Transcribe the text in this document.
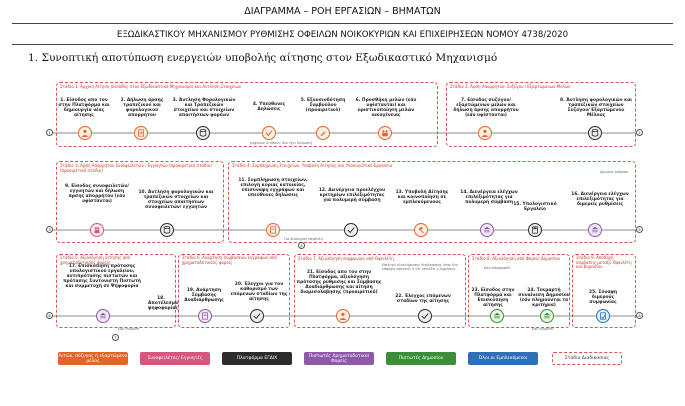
ΔΙΑΓΡΑΜΜΑ – ΡΟΗ ΕΡΓΑΣΙΩΝ – ΒΗΜΑΤΩΝ
ΕΞΩΔΙΚΑΣΤΙΚΟΥ ΜΗΧΑΝΙΣΜΟΥ ΡΥΘΜΙΣΗΣ ΟΦΕΙΛΩΝ ΝΟΙΚΟΚΥΡΙΩΝ ΚΑΙ ΕΠΙΧΕΙΡΗΣΕΩΝ ΝΟΜΟΥ 4738/2020
1. Συνοπτική αποτύπωση ενεργειών υποβολής αίτησης στον Εξωδικαστικό Μηχανισμό
Στάδιο 1. Αρχική Αίτηση (Είσοδος στον Εξωδικαστικό Μηχανισμό) και Αντληση Στοιχείων	Στάδιο 2. Άρση Απορρήτου- Συζύγου / Εξαρτώμενων Μελών
Στάδιο 3. Άρση Απορρήτου Συνοφειλετών / Εγγυητών (προαιρετικό στάδιο)
(προαιρετικό στάδιο)
Στάδιο 4. Συμπλήρωση Στοιχείων, Υποβολή Αίτησης και Υπολογιστικό Εργαλείο
Στάδιο 5. Αξιολόγηση αίτησης από χρηματοδοτικούς φορείς
Στάδιο 6. Ανάρτηση συμβάσεων εγγράφων από χρηματοδοτικούς φορείς
Στάδιο 7. Αξιολόγηση συμφωνίας από Οφειλέτη	Στάδιο 8. Αξιολόγηση από Φορείς Δημοσίου	Στάδιο 9. Αποδοχή σύμβασης μεταξύ Οφειλέτη και Δημοσίου
1. Είσοδος απο τον στην Πλατφόρμα και δημιουργία νέας αίτησης
2. Δήλωση άρσης τραπεζικού και φορολογικού απορρήτου
3. Άντληση Φορολογικών και Τραπεζικών στοιχείων και στοιχείων απαιτήσεων φορέων
4. Υπεύθυνες Δηλώσεις
(ισχύουν οι όποιες δεν έχει δηλώσει)
5. Εξουσιοδότηση Συμβούλου (προαιρετικό)
6. Προσθήκη μελών (εάν υφίστανται) και οριστικοποίηση μελών οικογένειας
7. Είσοδος συζύγου/ εξαρτώμενων μελών και δήλωση άρσης απορρήτου (εάν υφίστανται)
8. Άντληση φορολογικών και τραπεζικών στοιχείων Συζύγου/ Εξαρτώμενου Μέλους
9. Είσοδος συνοφειλετών/ εγγυητών και δήλωση άρσης απορρήτου (εάν υφίστανται)
10. Άντληση φορολογικών και τραπεζικών στοιχείων και στοιχείων απαιτήσεων συνοφειλετών/ εγγυητών
11. Συμπλήρωση στοιχείων, επιλογή κύριας κατοικίας, επισύναψη εγγράφων και υπεύθυνες δηλώσεις
Για διαδοχική υποβολή
12. Διενέργεια προελέγχου κριτηρίων επιλεξιμότητας για πολυμερή σύμβαση
13. Υποβολή Αίτησης και κοινοποίηση σε εμπλεκόμενους
14. Διενέργεια ελέγχων επιλεξιμότητας για πολυμερή σύμβαση 15. Υπολογιστικό Εργαλείο
16. Διενέργεια ελέγχων επιλεξιμότητας για διμερείς ρυθμίσεις
διμερής ρύθμιση
17. Επισκόπηση πρότασης υπολογιστικού εργαλείου, αντιπρότασης πιστωτών και πρότασης Συντονιστή Πιστωτή και συμμετοχή σε Ψηφοφορία
18. Αποτέλεσμα ψηφοφορίας
Εάν εγκριθεί
19. Ανάρτηση Σύμβασης Αναδιάρθρωσης
20. Έλεγχοι για τον καθορισμό των επόμενων σταδίων της αίτησης
21. Είσοδος απο τον στην Πλατφόρμα, αξιολόγηση πρότασης ρύθμισης και Σύμβασης Αναδιάρθρωσης και αίτηση διαμεσολάβησης (προαιρετικό)
Επιλογή ολοκλήρωσης διαδικασίας όταν δεν υπάρχει αρνητής ή ότι επιλέξει ο Δημόσιος
22. Έλεγχος επόμενων σταδίων της αίτησης
23. Είσοδος στην Πλατφόρμα και Επισκόπηση αίτησης
Εάν απορριφθεί
24. Τεκμαρτή συναίνεση Δημοσίου (εάν πληρούνται τα κριτήρια)
Εάν εγκριθεί
25. Σύναψη διμερούς συμφωνίας
1	2
3
4
5
6
7
8
Αιτών, σύζυγος ή εξαρτώμενο μέλος	Συνοφειλέτες/ Εγγυητές	Πλατφόρμα ΕΓΔΙΧ	Πιστωτές Χρηματοδοτικοί Φορείς	Πιστωτές Δημοσίου	Όλοι οι Εμπλεκόμενοι	Στάδιο Διαδικασίας
